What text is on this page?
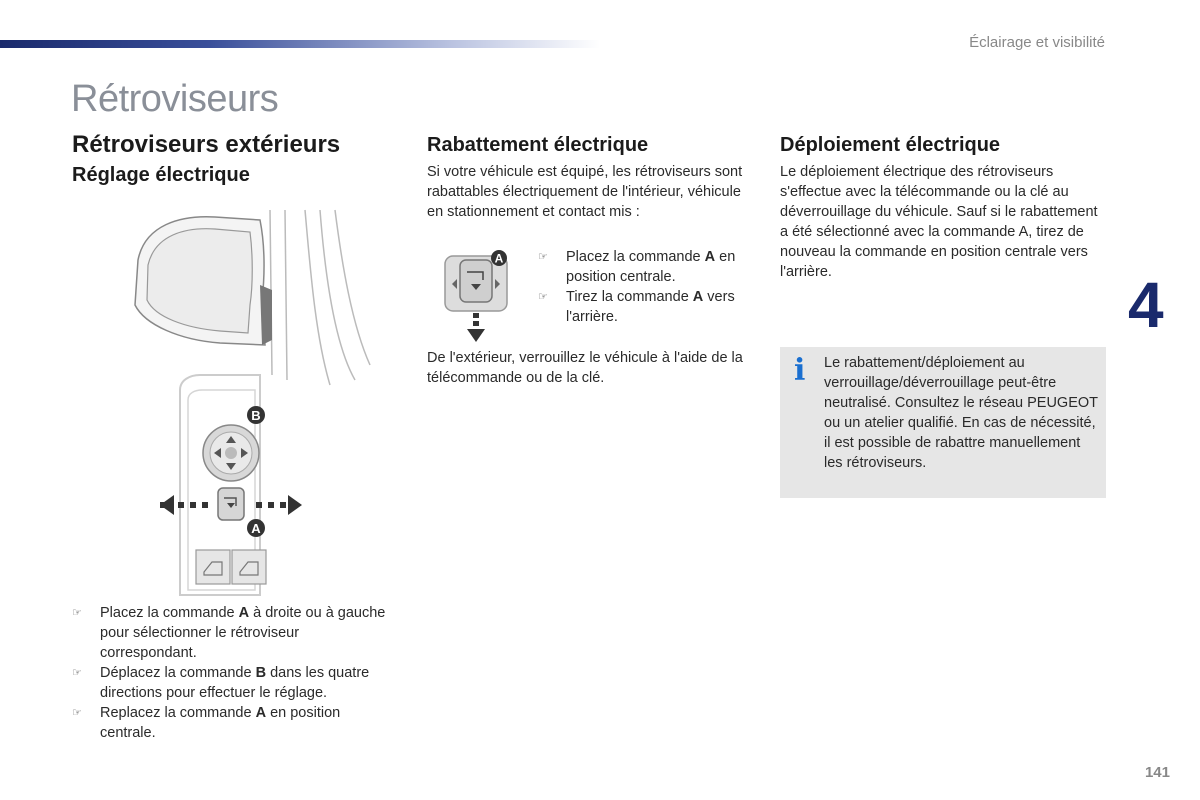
Éclairage et visibilité
Rétroviseurs
Rétroviseurs extérieurs
Réglage électrique
B
A
☞ Placez la commande A à droite ou à gauche pour sélectionner le rétroviseur correspondant.
☞ Déplacez la commande B dans les quatre directions pour effectuer le réglage.
☞ Replacez la commande A en position centrale.
Rabattement électrique
Si votre véhicule est équipé, les rétroviseurs sont rabattables électriquement de l'intérieur, véhicule en stationnement et contact mis :
A	☞ Placez la commande A en position centrale.
☞ Tirez la commande A vers l'arrière.
De l'extérieur, verrouillez le véhicule à l'aide de la télécommande ou de la clé.
Déploiement électrique
Le déploiement électrique des rétroviseurs s'effectue avec la télécommande ou la clé au déverrouillage du véhicule. Sauf si le rabattement a été sélectionné avec la commande A, tirez de nouveau la commande en position centrale vers l'arrière.
i Le rabattement/déploiement au verrouillage/déverrouillage peut-être neutralisé. Consultez le réseau PEUGEOT ou un atelier qualifié. En cas de nécessité, il est possible de rabattre manuellement les rétroviseurs.
4
141
